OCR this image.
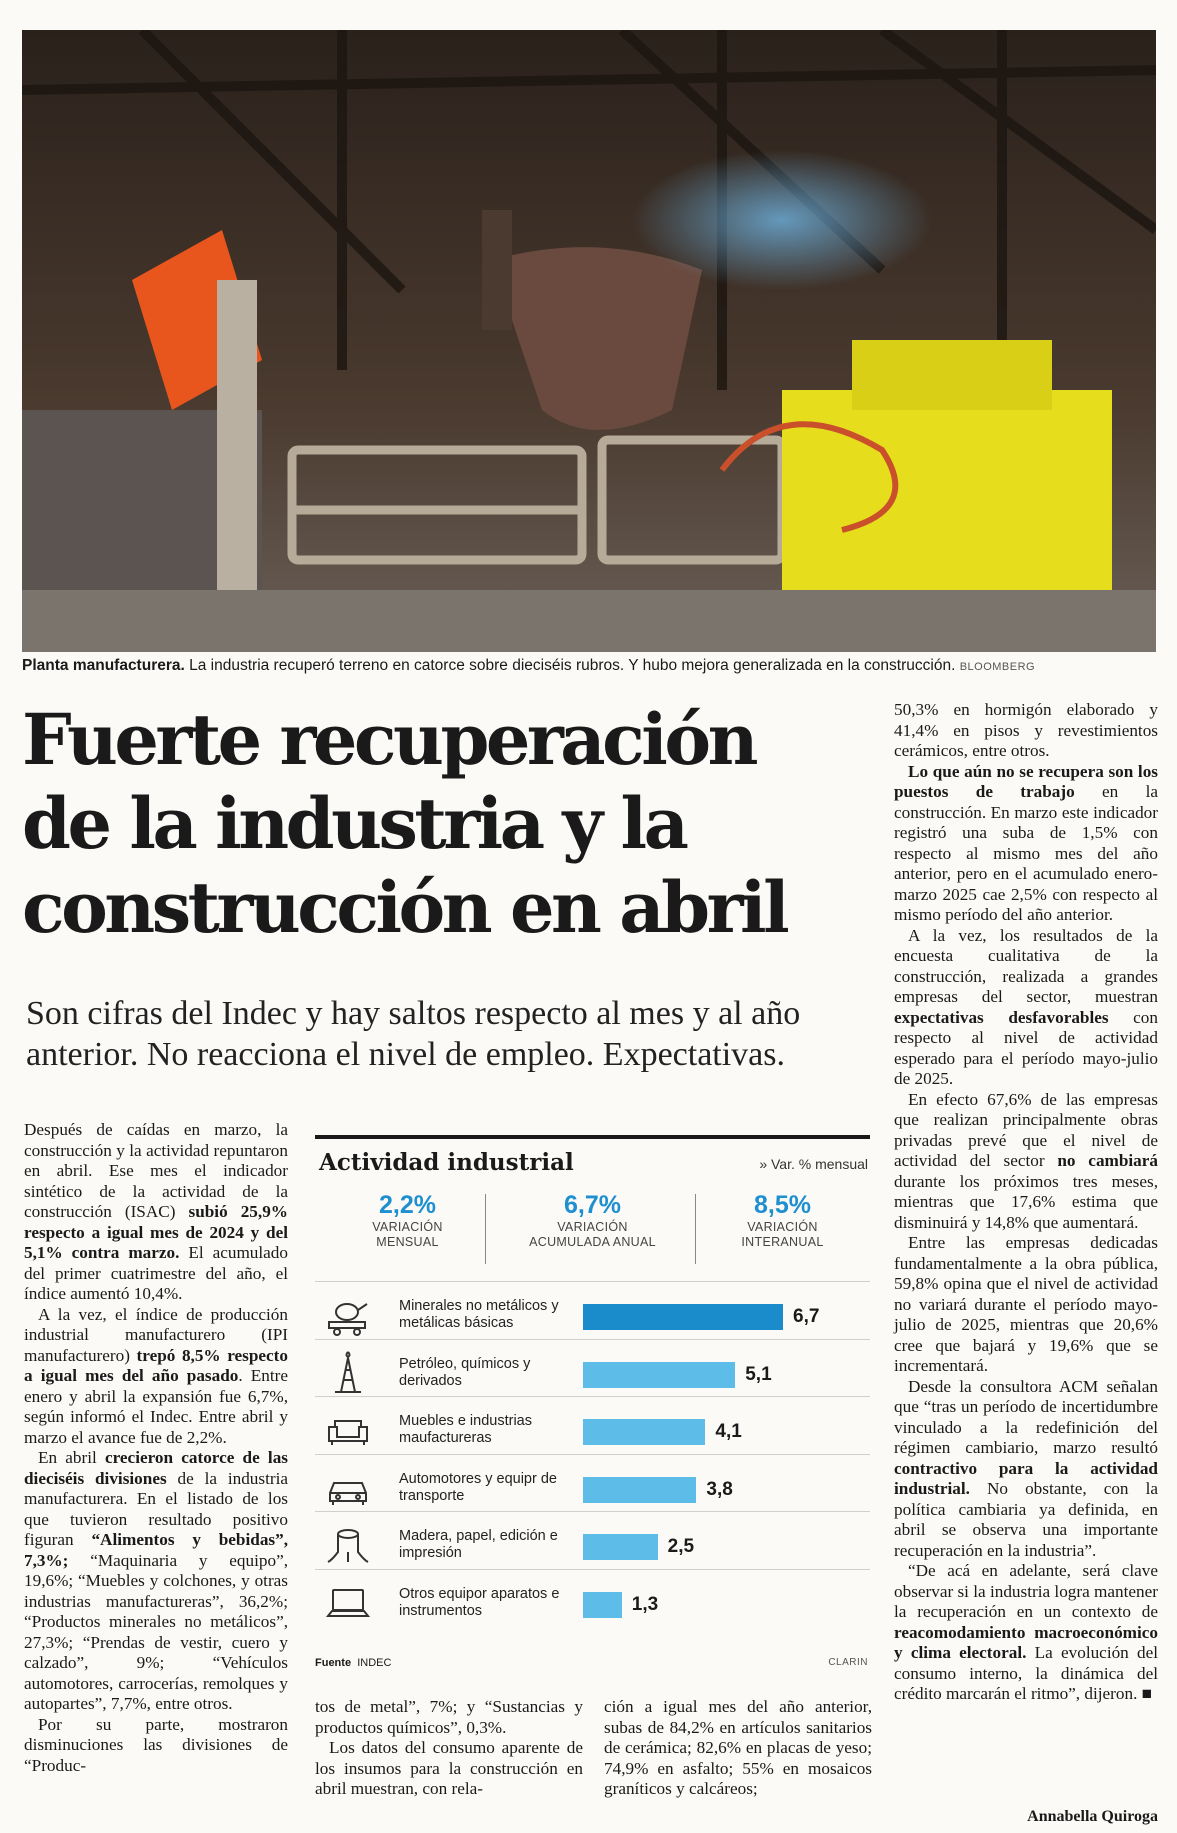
Planta manufacturera. La industria recuperó terreno en catorce sobre dieciséis rubros. Y hubo mejora generalizada en la construcción. BLOOMBERG
Fuerte recuperación
de la industria y la
construcción en abril
Son cifras del Indec y hay saltos respecto al mes y al año anterior. No reacciona el nivel de empleo. Expectativas.

Después de caídas en marzo, la construcción y la actividad repuntaron en abril. Ese mes el indicador sintético de la actividad de la construcción (ISAC) subió 25,9% respecto a igual mes de 2024 y del 5,1% contra marzo. El acumulado del primer cuatrimestre del año, el índice aumentó 10,4%.

A la vez, el índice de producción industrial manufacturero (IPI manufacturero) trepó 8,5% respecto a igual mes del año pasado. Entre enero y abril la expansión fue 6,7%, según informó el Indec. Entre abril y marzo el avance fue de 2,2%.

En abril crecieron catorce de las dieciséis divisiones de la industria manufacturera. En el listado de los que tuvieron resultado positivo figuran “Alimentos y bebidas”, 7,3%; “Maquinaria y equipo”, 19,6%; “Muebles y colchones, y otras industrias manufactureras”, 36,2%; “Productos minerales no metálicos”, 27,3%; “Prendas de vestir, cuero y calzado”, 9%; “Vehículos automotores, carrocerías, remolques y autopartes”, 7,7%, entre otros.

Por su parte, mostraron disminuciones las divisiones de “Produc-

tos de metal”, 7%; y “Sustancias y productos químicos”, 0,3%.

Los datos del consumo aparente de los insumos para la construcción en abril muestran, con rela-

ción a igual mes del año anterior, subas de 84,2% en artículos sanitarios de cerámica; 82,6% en placas de yeso; 74,9% en asfalto; 55% en mosaicos graníticos y calcáreos;

50,3% en hormigón elaborado y 41,4% en pisos y revestimientos cerámicos, entre otros.

Lo que aún no se recupera son los puestos de trabajo en la construcción. En marzo este indicador registró una suba de 1,5% con respecto al mismo mes del año anterior, pero en el acumulado enero-marzo 2025 cae 2,5% con respecto al mismo período del año anterior.

A la vez, los resultados de la encuesta cualitativa de la construcción, realizada a grandes empresas del sector, muestran expectativas desfavorables con respecto al nivel de actividad esperado para el período mayo-julio de 2025.

En efecto 67,6% de las empresas que realizan principalmente obras privadas prevé que el nivel de actividad del sector no cambiará durante los próximos tres meses, mientras que 17,6% estima que disminuirá y 14,8% que aumentará.

Entre las empresas dedicadas fundamentalmente a la obra pública, 59,8% opina que el nivel de actividad no variará durante el período mayo-julio de 2025, mientras que 20,6% cree que bajará y 19,6% que se incrementará.

Desde la consultora ACM señalan que “tras un período de incertidumbre vinculado a la redefinición del régimen cambiario, marzo resultó contractivo para la actividad industrial. No obstante, con la política cambiaria ya definida, en abril se observa una importante recuperación en la industria”.

“De acá en adelante, será clave observar si la industria logra mantener la recuperación en un contexto de reacomodamiento macroeconómico y clima electoral. La evolución del consumo interno, la dinámica del crédito marcarán el ritmo”, dijeron. ■

Annabella Quiroga
Actividad industrial	» Var. % mensual
2,2%
VARIACIÓN
MENSUAL
6,7%
VARIACIÓN
ACUMULADA ANUAL
8,5%
VARIACIÓN
INTERANUAL
Minerales no metálicos y metálicas básicas	6,7
Petróleo, químicos y derivados	5,1
Muebles e industrias maufactureras	4,1
Automotores y equipr de transporte	3,8
Madera, papel, edición e impresión	2,5
Otros equipor aparatos e instrumentos	1,3
Fuente INDEC	CLARIN
